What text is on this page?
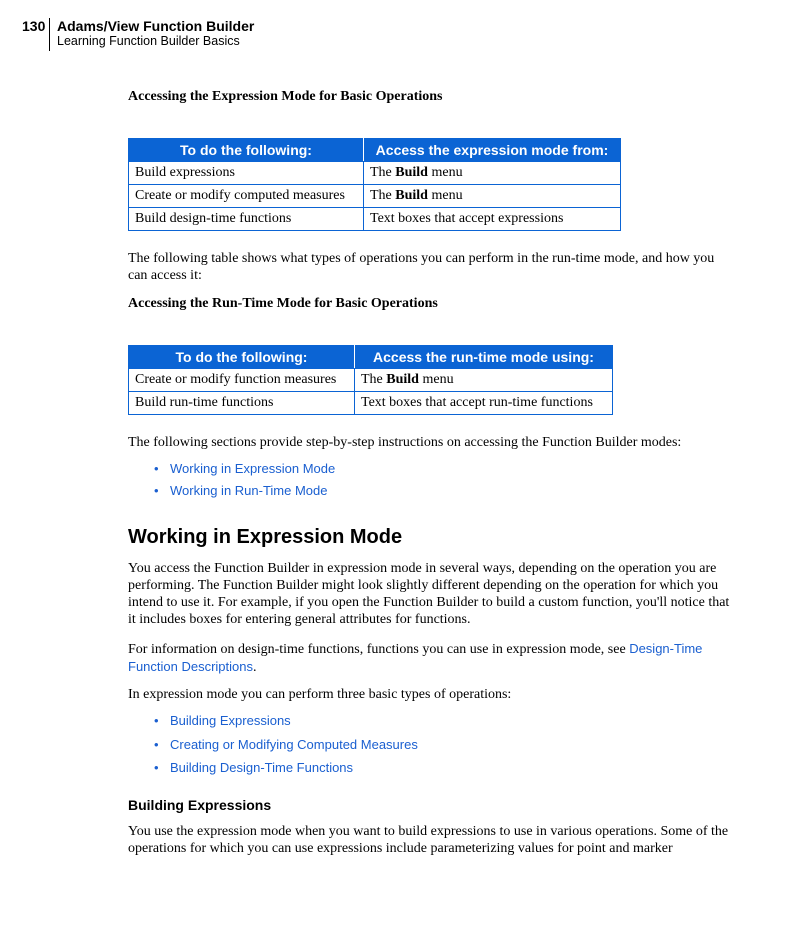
130 Adams/View Function Builder
Learning Function Builder Basics
Accessing the Expression Mode for Basic Operations
To do the following:	Access the expression mode from:
Build expressions	The Build menu
Create or modify computed measures	The Build menu
Build design-time functions	Text boxes that accept expressions
The following table shows what types of operations you can perform in the run-time mode, and how you can access it:
Accessing the Run-Time Mode for Basic Operations
To do the following:	Access the run-time mode using:
Create or modify function measures	The Build menu
Build run-time functions	Text boxes that accept run-time functions
The following sections provide step-by-step instructions on accessing the Function Builder modes:
• Working in Expression Mode
• Working in Run-Time Mode
Working in Expression Mode
You access the Function Builder in expression mode in several ways, depending on the operation you are performing. The Function Builder might look slightly different depending on the operation for which you intend to use it. For example, if you open the Function Builder to build a custom function, you'll notice that it includes boxes for entering general attributes for functions.
For information on design-time functions, functions you can use in expression mode, see Design-Time Function Descriptions.
In expression mode you can perform three basic types of operations:
• Building Expressions
• Creating or Modifying Computed Measures
• Building Design-Time Functions
Building Expressions
You use the expression mode when you want to build expressions to use in various operations. Some of the operations for which you can use expressions include parameterizing values for point and marker
